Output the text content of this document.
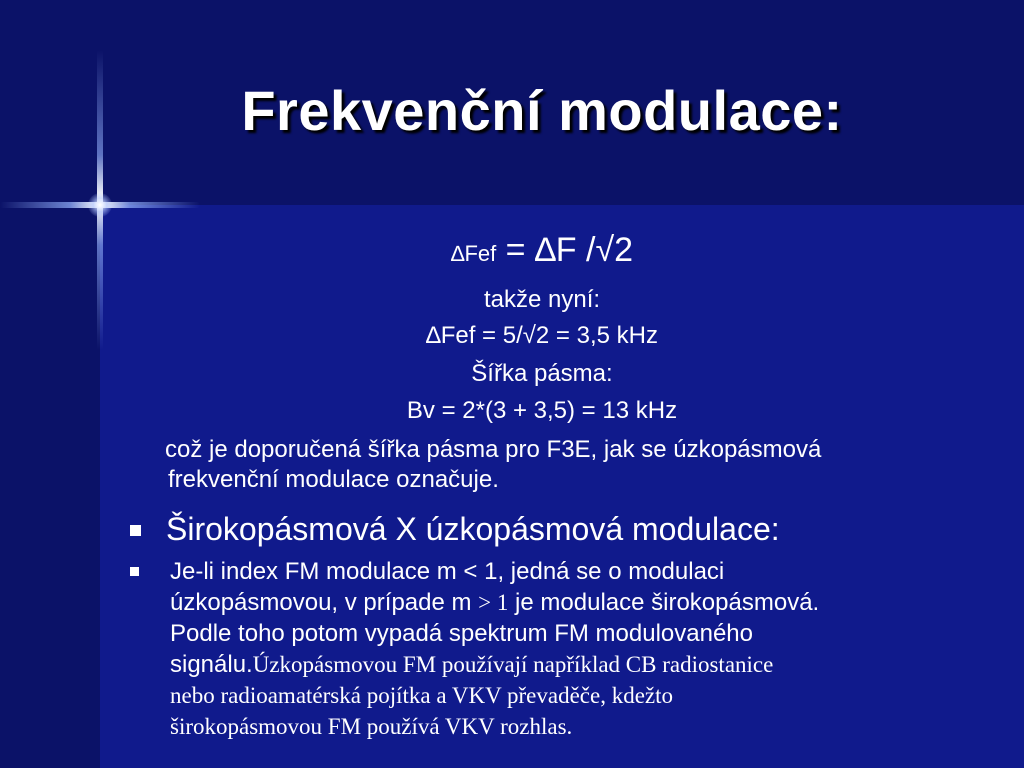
Frekvenční modulace:
∆Fef = ∆F /√2
takže nyní:
∆Fef = 5/√2 = 3,5 kHz
Šířka pásma:
Bv = 2*(3 + 3,5) = 13 kHz
což je doporučená šířka pásma pro F3E, jak se úzkopásmová
frekvenční modulace označuje.
Širokopásmová X úzkopásmová modulace:
Je-li index FM modulace m < 1, jedná se o modulaci
úzkopásmovou, v prípade m > 1 je modulace širokopásmová.
Podle toho potom vypadá spektrum FM modulovaného
signálu.Úzkopásmovou FM používají například CB radiostanice
nebo radioamatérská pojítka a VKV převaděče, kdežto
širokopásmovou FM používá VKV rozhlas.
